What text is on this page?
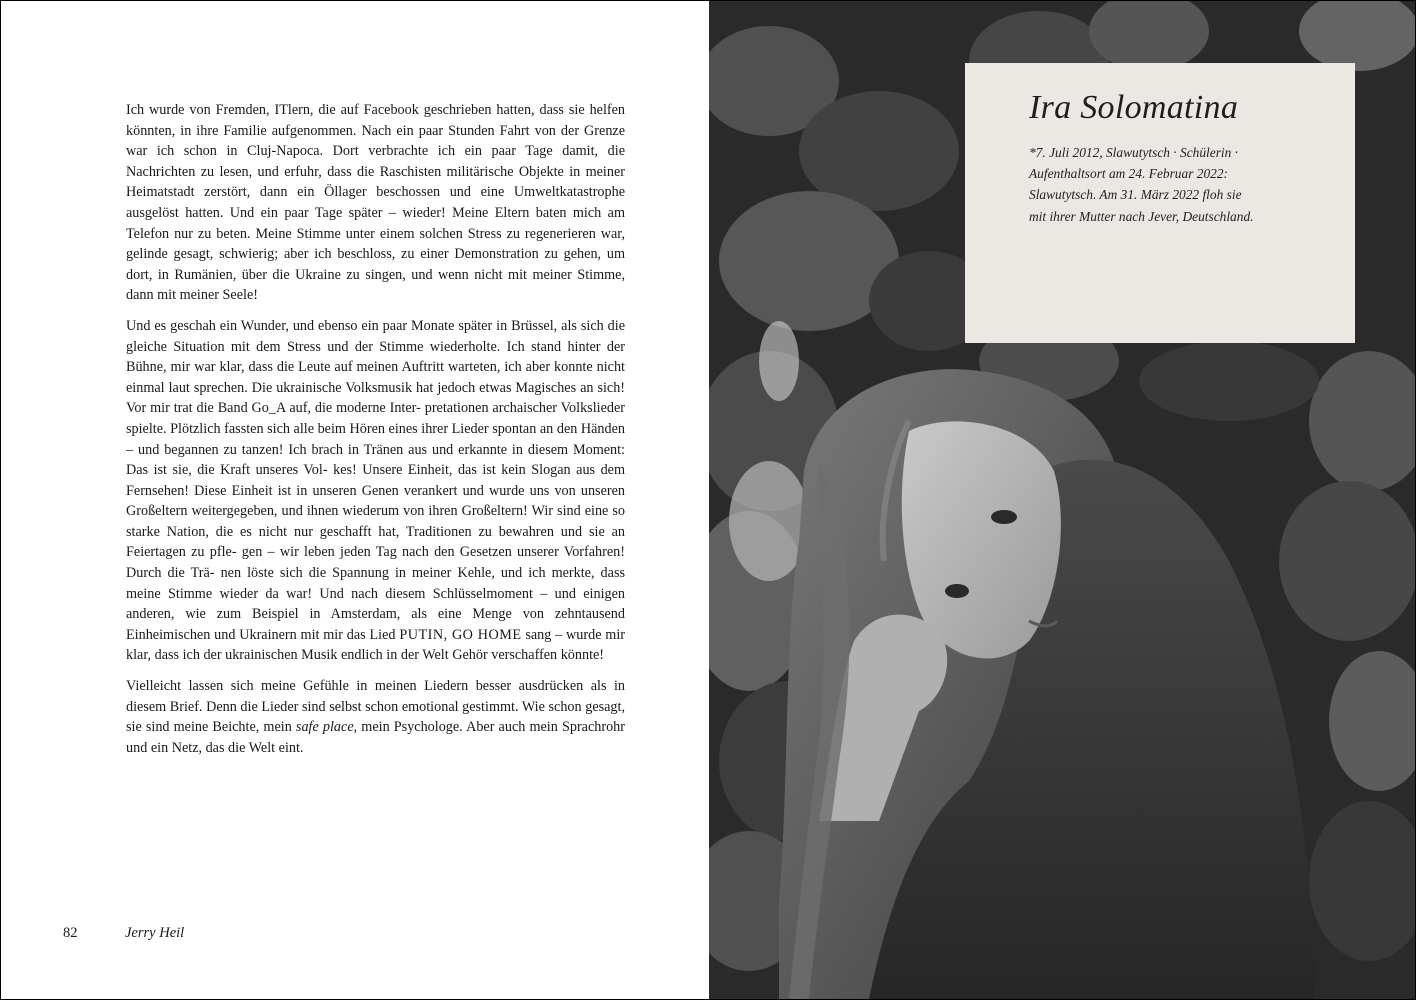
Ich wurde von Fremden, ITlern, die auf Facebook geschrieben hatten, dass sie helfen könnten, in ihre Familie aufgenommen. Nach ein paar Stunden Fahrt von der Grenze war ich schon in Cluj-Napoca. Dort verbrachte ich ein paar Tage damit, die Nachrichten zu lesen, und erfuhr, dass die Raschisten militärische Objekte in meiner Heimatstadt zerstört, dann ein Öllager beschossen und eine Umweltkatastrophe ausgelöst hatten. Und ein paar Tage später – wieder! Meine Eltern baten mich am Telefon nur zu beten. Meine Stimme unter einem solchen Stress zu regenerieren war, gelinde gesagt, schwierig; aber ich beschloss, zu einer Demonstration zu gehen, um dort, in Rumänien, über die Ukraine zu singen, und wenn nicht mit meiner Stimme, dann mit meiner Seele!

Und es geschah ein Wunder, und ebenso ein paar Monate später in Brüssel, als sich die gleiche Situation mit dem Stress und der Stimme wiederholte. Ich stand hinter der Bühne, mir war klar, dass die Leute auf meinen Auftritt warteten, ich aber konnte nicht einmal laut sprechen. Die ukrainische Volksmusik hat jedoch etwas Magisches an sich! Vor mir trat die Band Go_A auf, die moderne Inter- pretationen archaischer Volkslieder spielte. Plötzlich fassten sich alle beim Hören eines ihrer Lieder spontan an den Händen – und begannen zu tanzen! Ich brach in Tränen aus und erkannte in diesem Moment: Das ist sie, die Kraft unseres Vol- kes! Unsere Einheit, das ist kein Slogan aus dem Fernsehen! Diese Einheit ist in unseren Genen verankert und wurde uns von unseren Großeltern weitergegeben, und ihnen wiederum von ihren Großeltern! Wir sind eine so starke Nation, die es nicht nur geschafft hat, Traditionen zu bewahren und sie an Feiertagen zu pfle- gen – wir leben jeden Tag nach den Gesetzen unserer Vorfahren! Durch die Trä- nen löste sich die Spannung in meiner Kehle, und ich merkte, dass meine Stimme wieder da war! Und nach diesem Schlüsselmoment – und einigen anderen, wie zum Beispiel in Amsterdam, als eine Menge von zehntausend Einheimischen und Ukrainern mit mir das Lied PUTIN, GO HOME sang – wurde mir klar, dass ich der ukrainischen Musik endlich in der Welt Gehör verschaffen könnte!

Vielleicht lassen sich meine Gefühle in meinen Liedern besser ausdrücken als in diesem Brief. Denn die Lieder sind selbst schon emotional gestimmt. Wie schon gesagt, sie sind meine Beichte, mein safe place, mein Psychologe. Aber auch mein Sprachrohr und ein Netz, das die Welt eint.

82	Jerry Heil
Ira Solomatina
*7. Juli 2012, Slawutytsch · Schülerin ·
Aufenthaltsort am 24. Februar 2022:
Slawutytsch. Am 31. März 2022 floh sie
mit ihrer Mutter nach Jever, Deutschland.
